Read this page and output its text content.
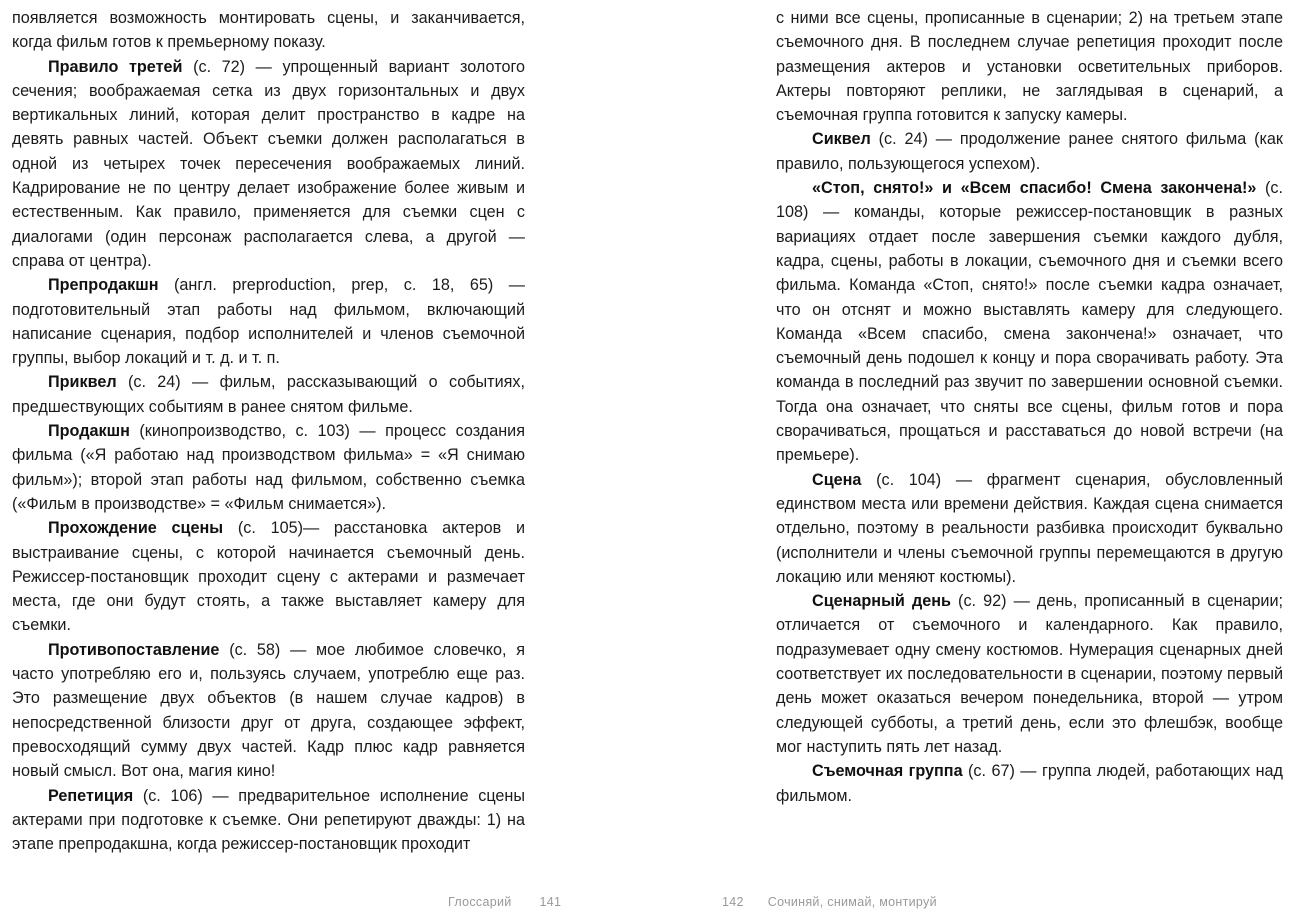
появляется возможность монтировать сцены, и заканчивается, когда фильм готов к премьерному показу.

Правило третей (с. 72) — упрощенный вариант золотого сечения; воображаемая сетка из двух горизонтальных и двух вертикальных линий, которая делит пространство в кадре на девять равных частей. Объект съемки должен располагаться в одной из четырех точек пересечения воображаемых линий. Кадрирование не по центру делает изображение более живым и естественным. Как правило, применяется для съемки сцен с диалогами (один персонаж располагается слева, а другой — справа от центра).

Препродакшн (англ. preproduction, prep, с. 18, 65) — подготовительный этап работы над фильмом, включающий написание сценария, подбор исполнителей и членов съемочной группы, выбор локаций и т. д. и т. п.

Приквел (с. 24) — фильм, рассказывающий о событиях, предшествующих событиям в ранее снятом фильме.

Продакшн (кинопроизводство, с. 103) — процесс создания фильма («Я работаю над производством фильма» = «Я снимаю фильм»); второй этап работы над фильмом, собственно съемка («Фильм в производстве» = «Фильм снимается»).

Прохождение сцены (с. 105)— расстановка актеров и выстраивание сцены, с которой начинается съемочный день. Режиссер-постановщик проходит сцену с актерами и размечает места, где они будут стоять, а также выставляет камеру для съемки.

Противопоставление (с. 58) — мое любимое словечко, я часто употребляю его и, пользуясь случаем, употреблю еще раз. Это размещение двух объектов (в нашем случае кадров) в непосредственной близости друг от друга, создающее эффект, превосходящий сумму двух частей. Кадр плюс кадр равняется новый смысл. Вот она, магия кино!

Репетиция (с. 106) — предварительное исполнение сцены актерами при подготовке к съемке. Они репетируют дважды: 1) на этапе препродакшна, когда режиссер-постановщик проходит

с ними все сцены, прописанные в сценарии; 2) на третьем этапе съемочного дня. В последнем случае репетиция проходит после размещения актеров и установки осветительных приборов. Актеры повторяют реплики, не заглядывая в сценарий, а съемочная группа готовится к запуску камеры.

Сиквел (с. 24) — продолжение ранее снятого фильма (как правило, пользующегося успехом).

«Стоп, снято!» и «Всем спасибо! Смена закончена!» (с. 108) — команды, которые режиссер-постановщик в разных вариациях отдает после завершения съемки каждого дубля, кадра, сцены, работы в локации, съемочного дня и съемки всего фильма. Команда «Стоп, снято!» после съемки кадра означает, что он отснят и можно выставлять камеру для следующего. Команда «Всем спасибо, смена закончена!» означает, что съемочный день подошел к концу и пора сворачивать работу. Эта команда в последний раз звучит по завершении основной съемки. Тогда она означает, что сняты все сцены, фильм готов и пора сворачиваться, прощаться и расставаться до новой встречи (на премьере).

Сцена (с. 104) — фрагмент сценария, обусловленный единством места или времени действия. Каждая сцена снимается отдельно, поэтому в реальности разбивка происходит буквально (исполнители и члены съемочной группы перемещаются в другую локацию или меняют костюмы).

Сценарный день (с. 92) — день, прописанный в сценарии; отличается от съемочного и календарного. Как правило, подразумевает одну смену костюмов. Нумерация сценарных дней соответствует их последовательности в сценарии, поэтому первый день может оказаться вечером понедельника, второй — утром следующей субботы, а третий день, если это флешбэк, вообще мог наступить пять лет назад.

Съемочная группа (с. 67) — группа людей, работающих над фильмом.

Глоссарий 141	142 Сочиняй, снимай, монтируй
